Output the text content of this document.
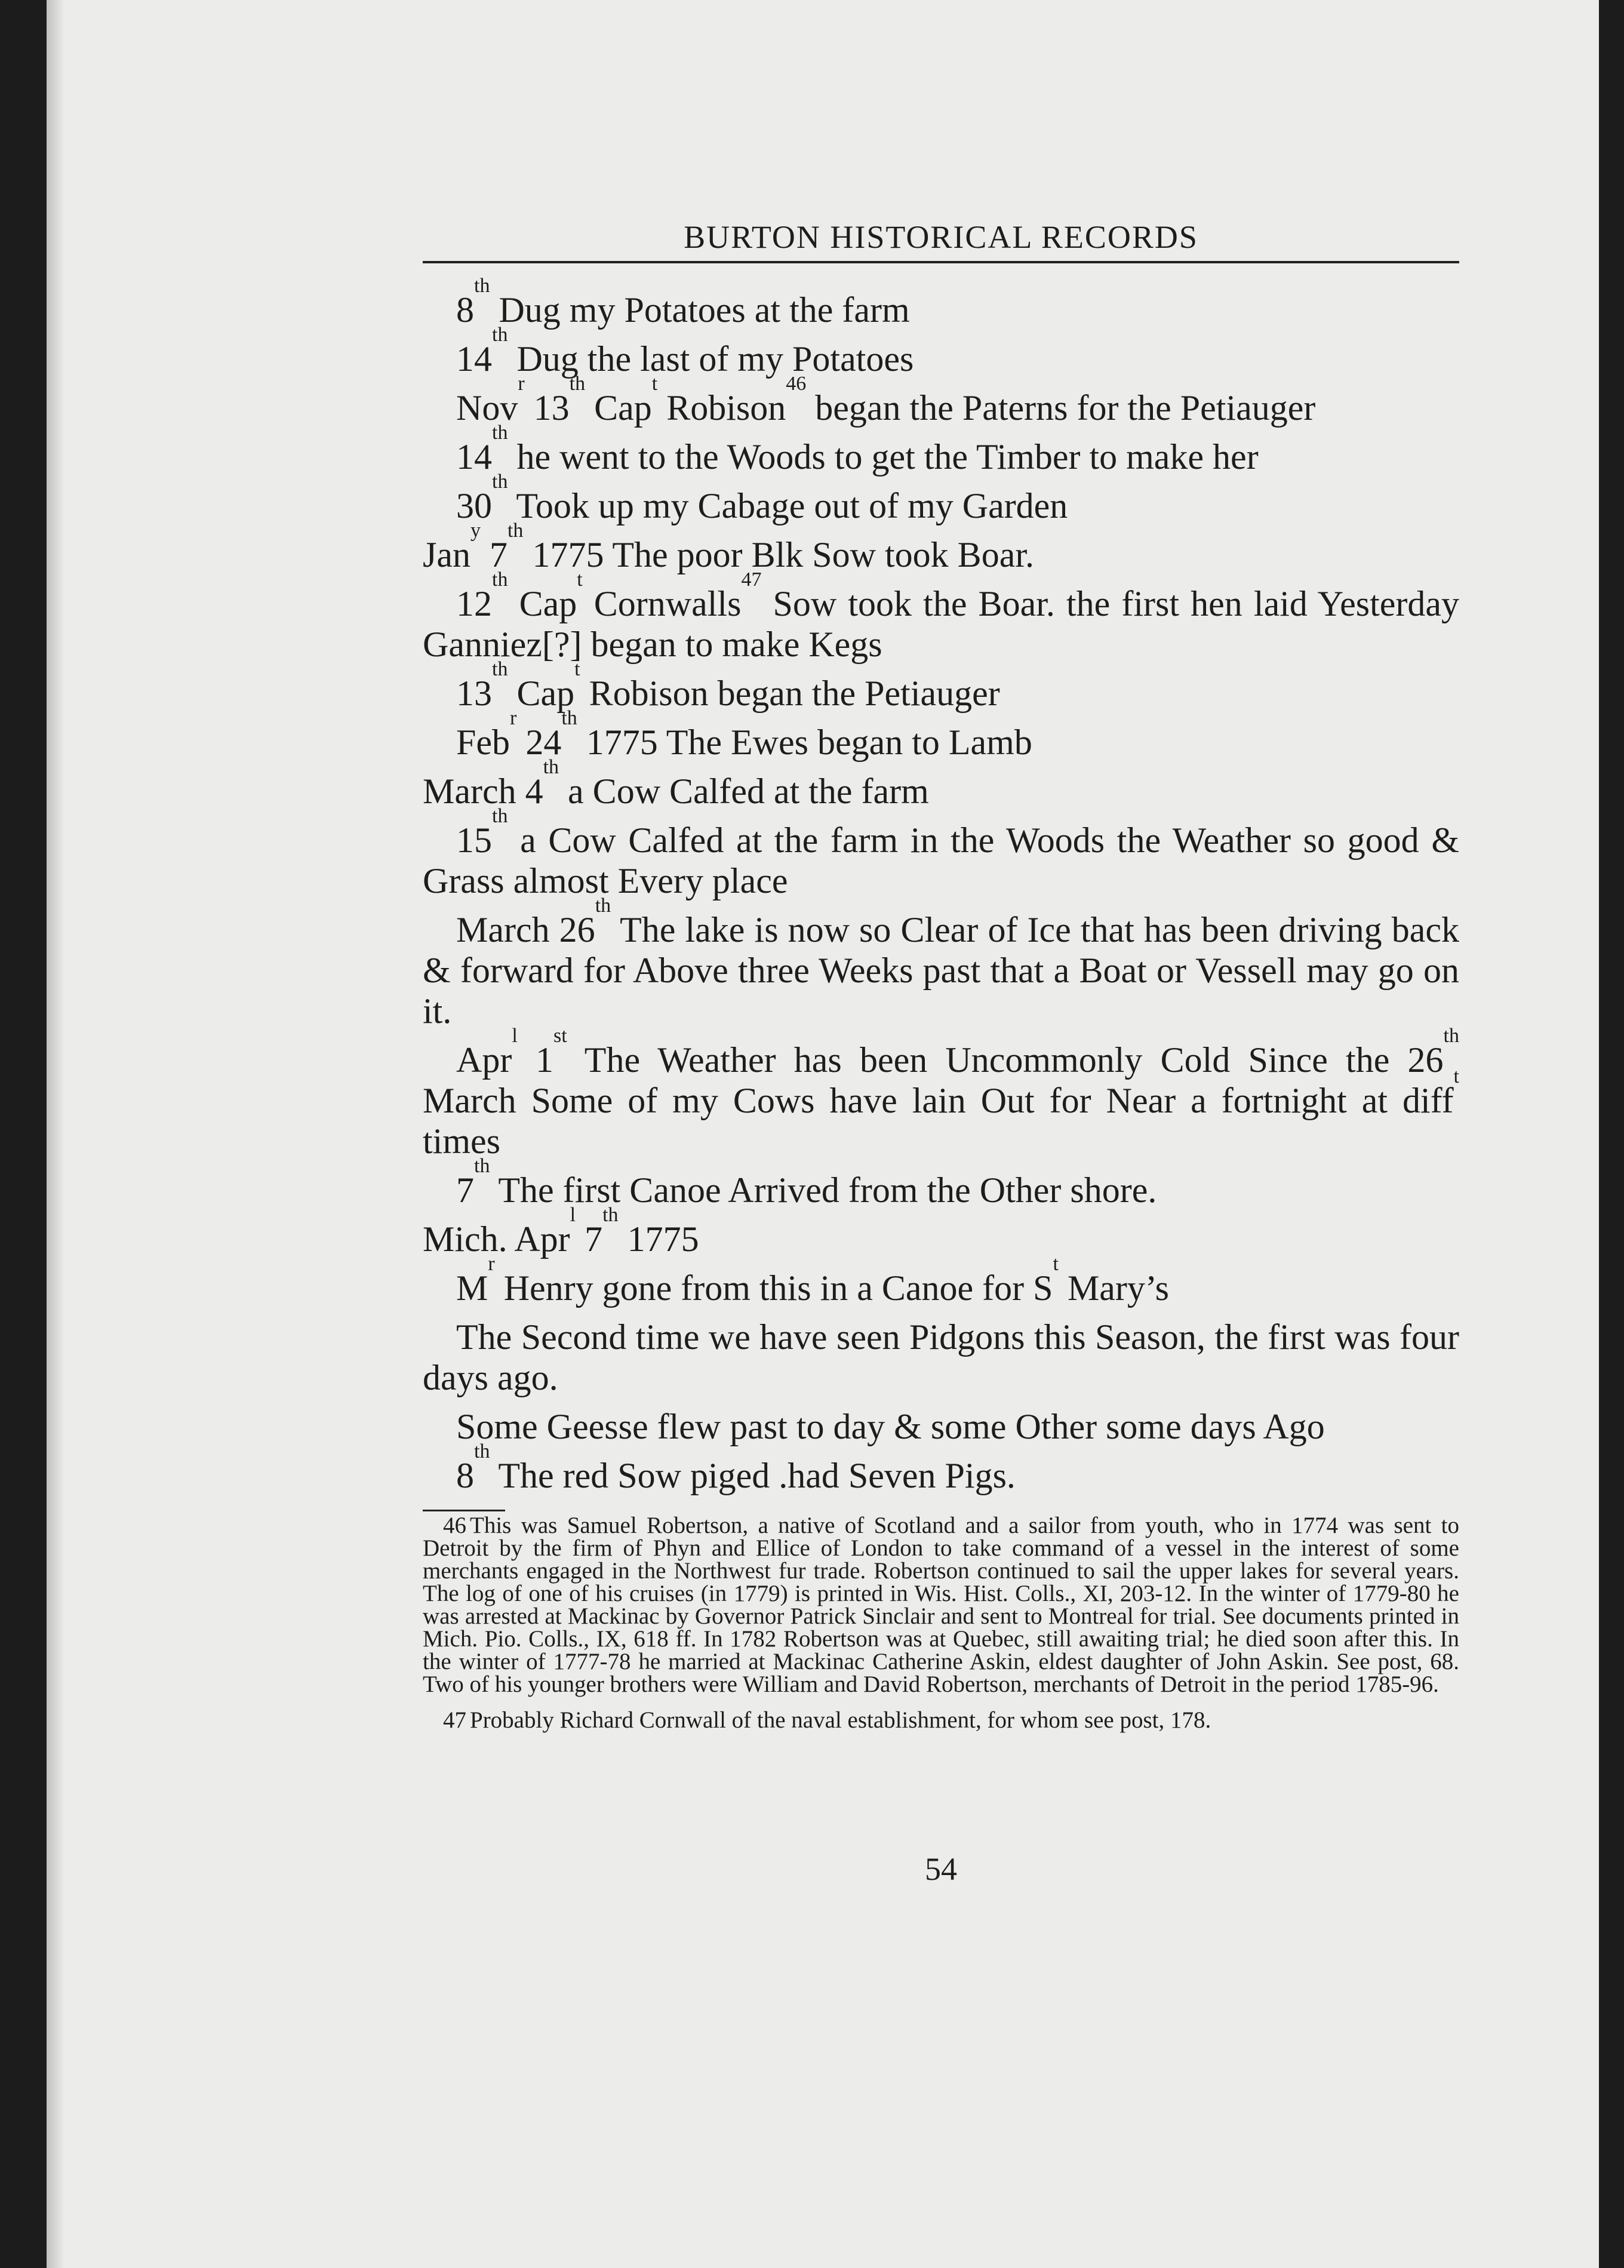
BURTON HISTORICAL RECORDS

8th Dug my Potatoes at the farm

14th Dug the last of my Potatoes

Nov$^r$ 13th Cap$^t$ Robison$^{46}$ began the Paterns for the Petiauger

14th he went to the Woods to get the Timber to make her

30th Took up my Cabage out of my Garden

Jan$^y$ 7th 1775 The poor Blk Sow took Boar.

12th Cap$^t$ Cornwalls$^{47}$ Sow took the Boar. the first hen laid Yesterday Ganniez[?] began to make Kegs

13th Cap$^t$ Robison began the Petiauger

Feb$^r$ 24th 1775 The Ewes began to Lamb

March 4th a Cow Calfed at the farm

15th a Cow Calfed at the farm in the Woods the Weather so good & Grass almost Every place

March 26th The lake is now so Clear of Ice that has been driving back & forward for Above three Weeks past that a Boat or Vessell may go on it.

Apr$^l$ 1st The Weather has been Uncommonly Cold Since the 26th March Some of my Cows have lain Out for Near a fortnight at diff$^t$ times

7th The first Canoe Arrived from the Other shore.

Mich. Apr$^l$ 7th 1775

$M^r$ Henry gone from this in a Canoe for $S^t$ Mary’s

The Second time we have seen Pidgons this Season, the first was four days ago.

Some Geesse flew past to day & some Other some days Ago

8th The red Sow piged .had Seven Pigs.

46 This was Samuel Robertson, a native of Scotland and a sailor from youth, who in 1774 was sent to Detroit by the firm of Phyn and Ellice of London to take command of a vessel in the interest of some merchants engaged in the Northwest fur trade. Robertson continued to sail the upper lakes for several years. The log of one of his cruises (in 1779) is printed in Wis. Hist. Colls., XI, 203-12. In the winter of 1779-80 he was arrested at Mackinac by Governor Patrick Sinclair and sent to Montreal for trial. See documents printed in Mich. Pio. Colls., IX, 618 ff. In 1782 Robertson was at Quebec, still awaiting trial; he died soon after this. In the winter of 1777-78 he married at Mackinac Catherine Askin, eldest daughter of John Askin. See post, 68. Two of his younger brothers were William and David Robertson, merchants of Detroit in the period 1785-96.

47 Probably Richard Cornwall of the naval establishment, for whom see post, 178.

54
